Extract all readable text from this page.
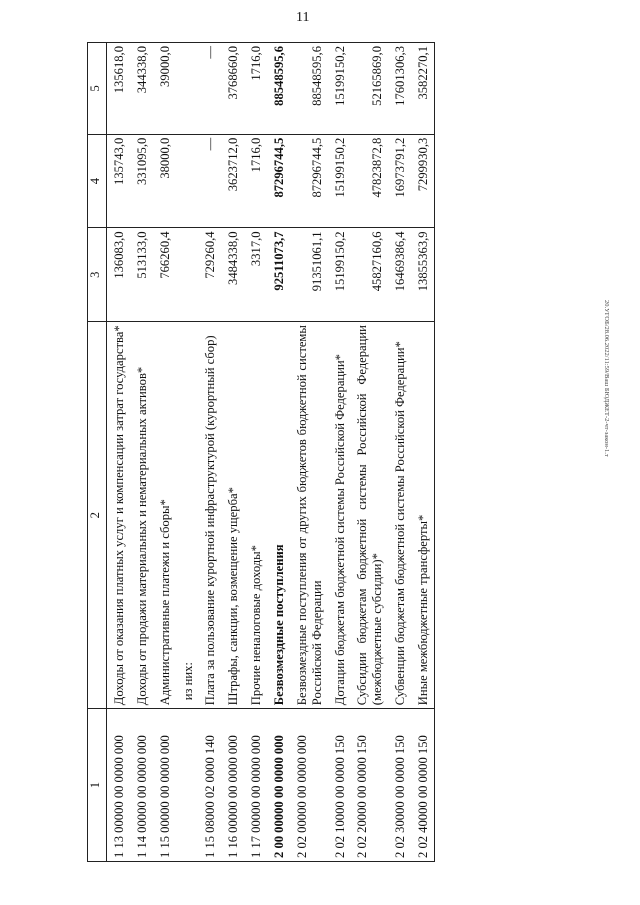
11
20.УГОБ/28.06.2022/11:59/Ваш БЮДЖЕТ-2-чт-закон-1.т
1	2	3	4	5
1 13 00000 00 0000 000	Доходы от оказания платных услуг и компенсации затрат государства*	136083,0	135743,0	135618,0
1 14 00000 00 0000 000	Доходы от продажи материальных и нематериальных активов*	513133,0	331095,0	344338,0
1 15 00000 00 0000 000	Административные платежи и сборы*	766260,4	38000,0	39000,0
	из них:			
1 15 08000 02 0000 140	Плата за пользование курортной инфраструктурой (курортный сбор)	729260,4	—	—
1 16 00000 00 0000 000	Штрафы, санкции, возмещение ущерба*	3484338,0	3623712,0	3768660,0
1 17 00000 00 0000 000	Прочие неналоговые доходы*	3317,0	1716,0	1716,0
2 00 00000 00 0000 000	Безвозмездные поступления	92511073,7	87296744,5	88548595,6
2 02 00000 00 0000 000	Безвозмездные поступления от других бюджетов бюджетной системы Российской Федерации	91351061,1	87296744,5	88548595,6
2 02 10000 00 0000 150	Дотации бюджетам бюджетной системы Российской Федерации*	15199150,2	15199150,2	15199150,2
2 02 20000 00 0000 150	Субсидии бюджетам бюджетной системы Российской Федерации (межбюджетные субсидии)*	45827160,6	47823872,8	52165869,0
2 02 30000 00 0000 150	Субвенции бюджетам бюджетной системы Российской Федерации*	16469386,4	16973791,2	17601306,3
2 02 40000 00 0000 150	Иные межбюджетные трансферты*	13855363,9	7299930,3	3582270,1
